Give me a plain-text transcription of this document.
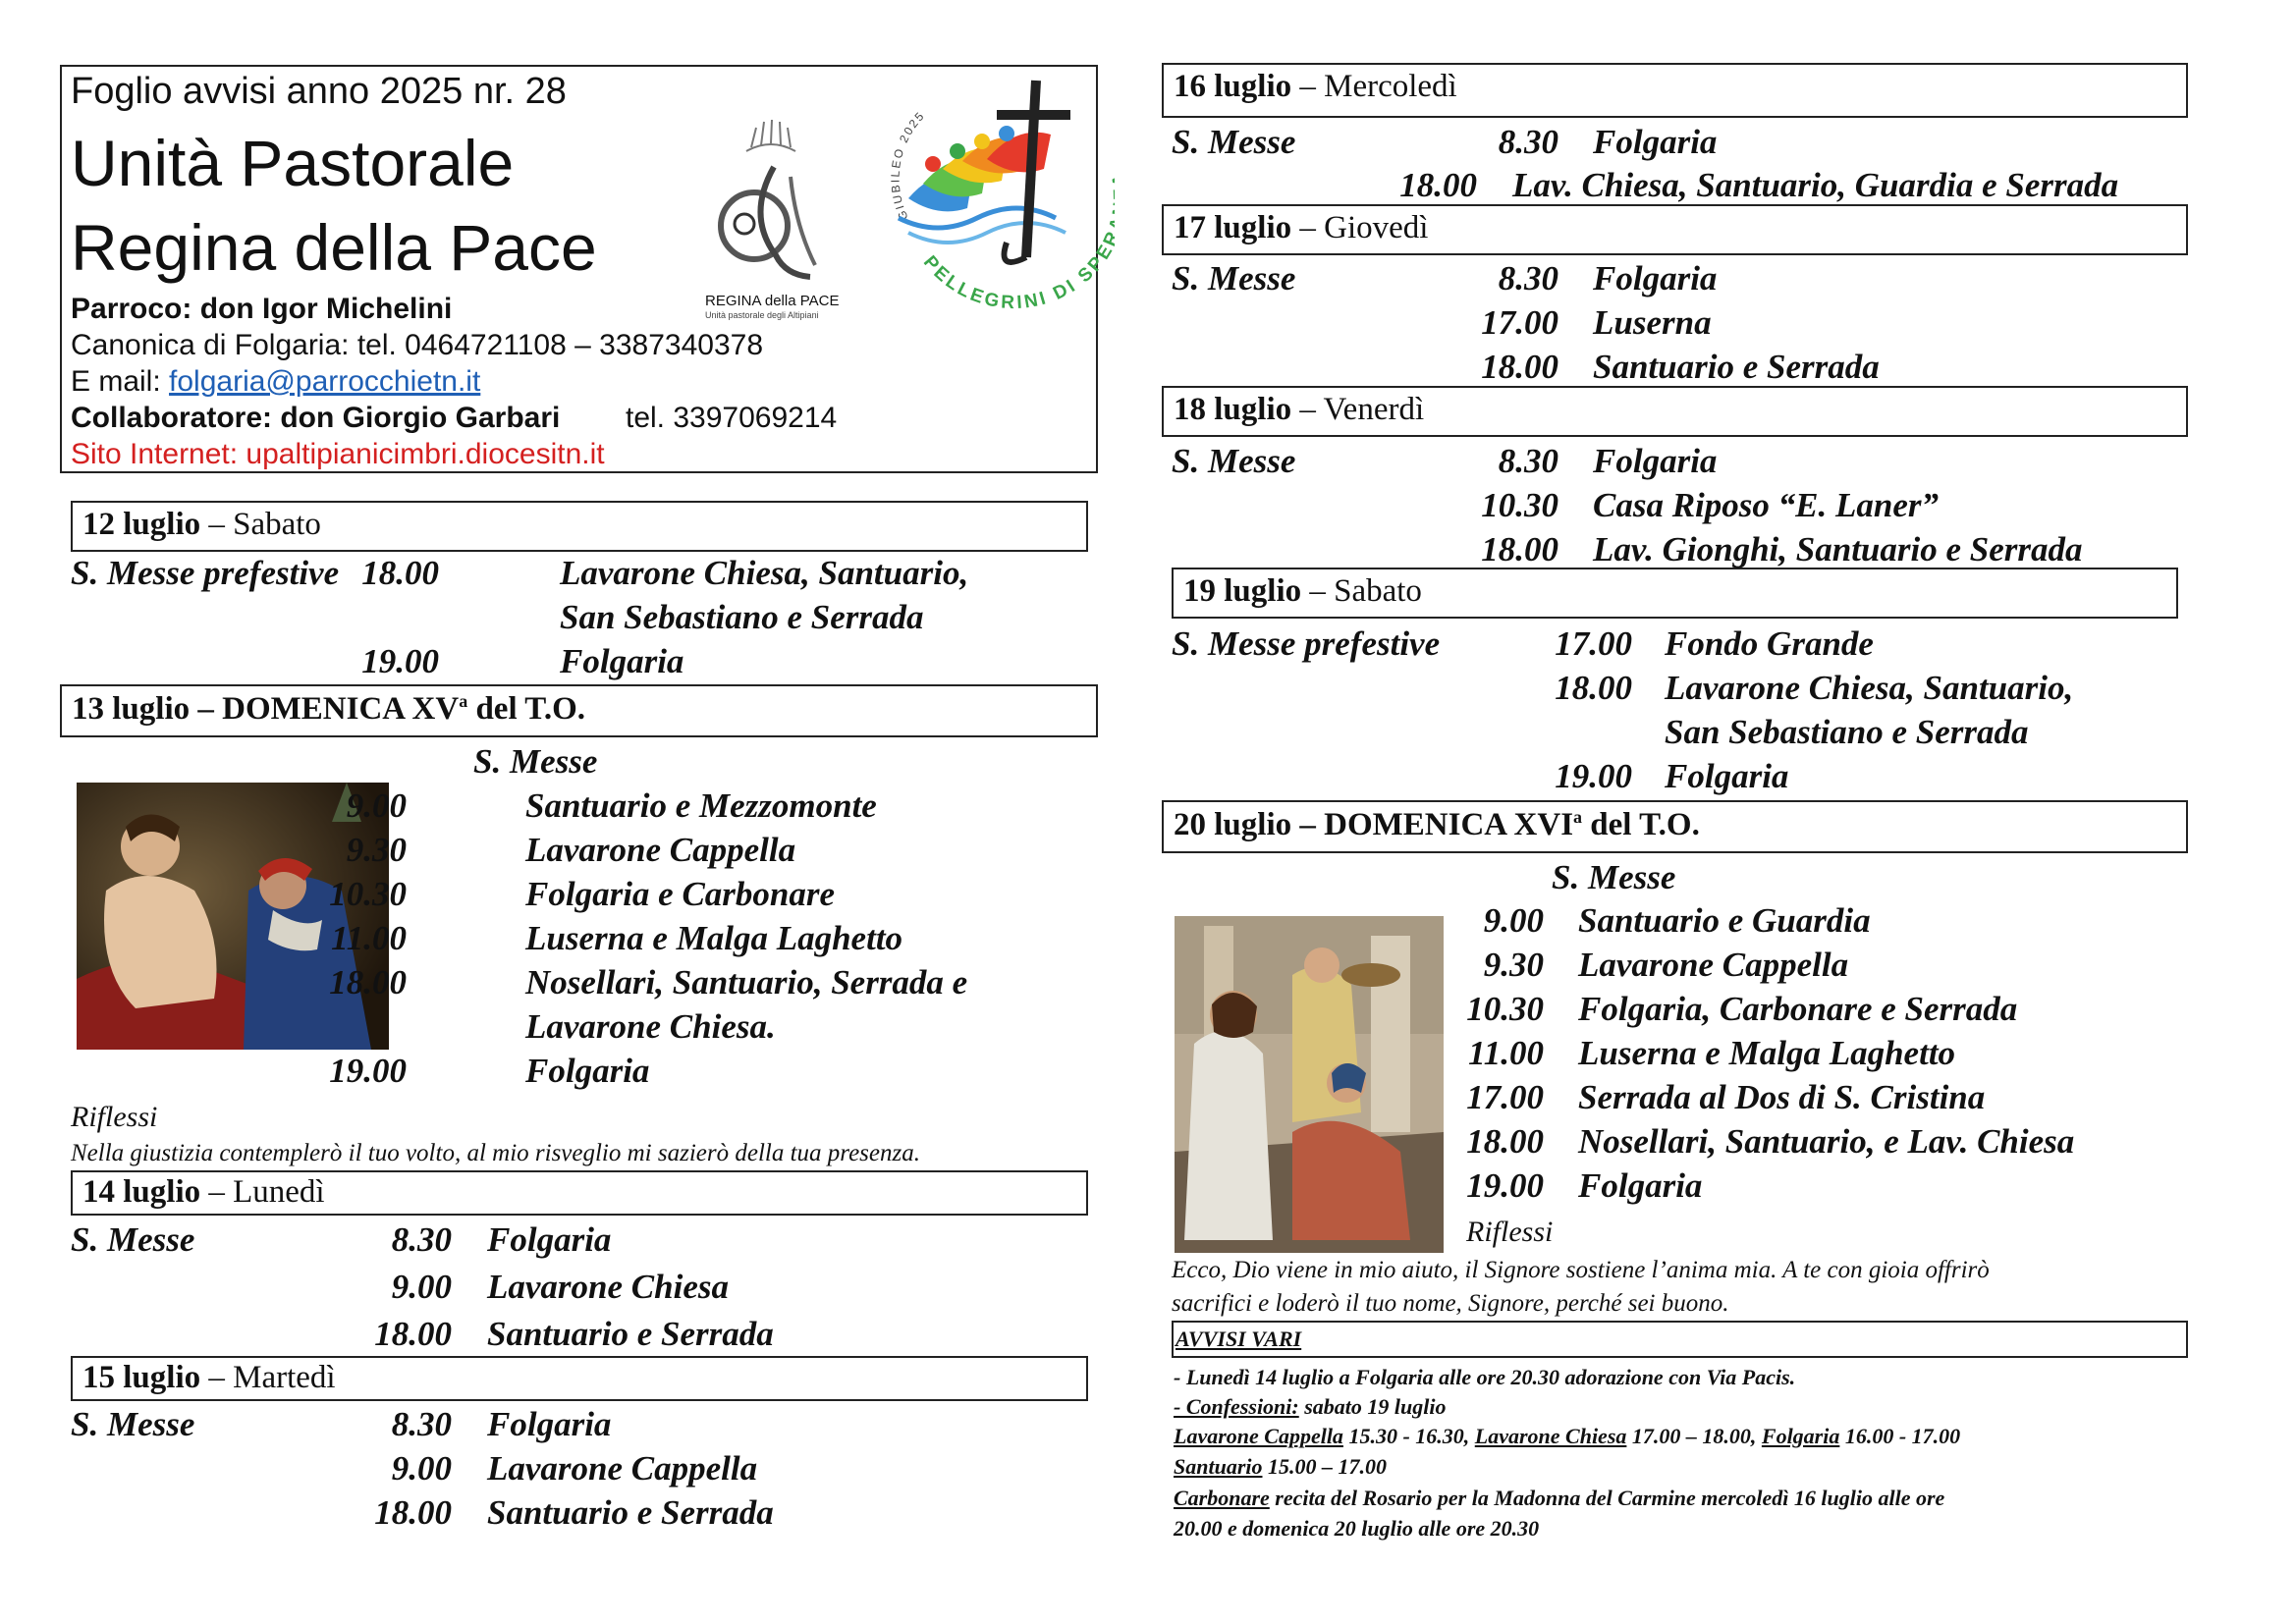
Foglio avvisi anno 2025 nr. 28
Unità Pastorale
Regina della Pace
Parroco: don Igor Michelini
Canonica di Folgaria: tel. 0464721108 – 3387340378
E mail: folgaria@parrocchietn.it
Collaboratore: don Giorgio Garbari tel. 3397069214
Sito Internet: upaltipianicimbri.diocesitn.it
REGINA della PACE
Unità pastorale degli Altipiani
GIUBILEO 2025
PELLEGRINI DI SP
12 luglio – Sabato
S. Messe prefestive
13 luglio – DOMENICA $XV^a$ del T.O.
S. Messe
Riflessi
Nella giustizia contemplerò il tuo volto, al mio risveglio mi sazierò della tua presenza.
14 luglio – Lunedì
S. Messe
15 luglio – Martedì
S. Messe
16 luglio – Mercoledì
S. Messe
17 luglio – Giovedì
S. Messe
18 luglio – Venerdì
S. Messe
19 luglio – Sabato
S. Messe prefestive
20 luglio – DOMENICA XVI$^a$ del T.O.
S. Messe
Riflessi
Ecco, Dio viene in mio aiuto, il Signore sostiene l’anima mia. A te con gioia offrirò
sacrifici e loderò il tuo nome, Signore, perché sei buono.
AVVISI VARI
- Lunedì 14 luglio a Folgaria alle ore 20.30 adorazione con Via Pacis.
- Confessioni: sabato 19 luglio
Lavarone Cappella 15.30 - 16.30, Lavarone Chiesa 17.00 – 18.00, Folgaria 16.00 - 17.00
Santuario 15.00 – 17.00
Carbonare recita del Rosario per la Madonna del Carmine mercoledì 16 luglio alle ore
20.00 e domenica 20 luglio alle ore 20.30
18.00	Lavarone Chiesa, Santuario,
San Sebastiano e Serrada
19.00	Folgaria
9.00	Santuario e Mezzomonte
9.30	Lavarone Cappella
10.30	Folgaria e Carbonare
11.00	Luserna e Malga Laghetto
18.00	Nosellari, Santuario, Serrada e
Lavarone Chiesa.
19.00	Folgaria
8.30 Folgaria
9.00 Lavarone Chiesa
18.00 Santuario e Serrada
8.30 Folgaria
9.00 Lavarone Cappella
18.00 Santuario e Serrada
8.30 Folgaria
18.00 Lav. Chiesa, Santuario, Guardia e Serrada
8.30 Folgaria
17.00 Luserna
18.00 Santuario e Serrada
8.30 Folgaria
10.30 Casa Riposo “E. Laner”
18.00 Lav. Gionghi, Santuario e Serrada
17.00 Fondo Grande
18.00 Lavarone Chiesa, Santuario,
San Sebastiano e Serrada
19.00 Folgaria
9.00 Santuario e Guardia
9.30 Lavarone Cappella
10.30 Folgaria, Carbonare e Serrada
11.00 Luserna e Malga Laghetto
17.00 Serrada al Dos di S. Cristina
18.00 Nosellari, Santuario, e Lav. Chiesa
19.00 Folgaria
